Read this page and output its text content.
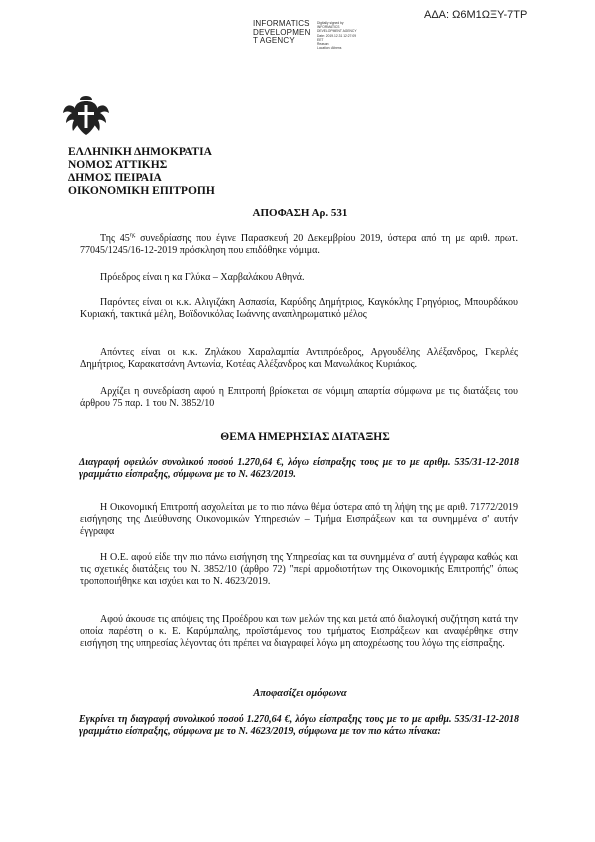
ΑΔΑ: Ω6Μ1ΩΞΥ-7ΤΡ
INFORMATICS
DEVELOPMEN
T AGENCY
Digitally signed by
INFORMATICS
DEVELOPMENT AGENCY
Date: 2019.12.31 12:27:09
EET
Reason:
Location: Athens
ΕΛΛΗΝΙΚΗ ΔΗΜΟΚΡΑΤΙΑ
ΝΟΜΟΣ ΑΤΤΙΚΗΣ
ΔΗΜΟΣ ΠΕΙΡΑΙΑ
ΟΙΚΟΝΟΜΙΚΗ ΕΠΙΤΡΟΠΗ
ΑΠΟΦΑΣΗ Αρ. 531
Της $45^{\eta\varsigma}$ συνεδρίασης που έγινε Παρασκευή 20 Δεκεμβρίου 2019, ύστερα από τη με αριθ. πρωτ. 77045/1245/16-12-2019 πρόσκληση που επιδόθηκε νόμιμα.
Πρόεδρος είναι η κα Γλύκα – Χαρβαλάκου Αθηνά.
Παρόντες είναι οι κ.κ. Αλιγιζάκη Ασπασία, Καρύδης Δημήτριος, Καγκόκλης Γρηγόριος, Μπουρδάκου Κυριακή, τακτικά μέλη, Βοϊδονικόλας Ιωάννης αναπληρωματικό μέλος
Απόντες είναι οι κ.κ. Ζηλάκου Χαραλαμπία Αντιπρόεδρος, Αργουδέλης Αλέξανδρος, Γκερλές Δημήτριος, Καρακατσάνη Αντωνία, Κοτέας Αλέξανδρος και Μανωλάκος Κυριάκος.
Αρχίζει η συνεδρίαση αφού η Επιτροπή βρίσκεται σε νόμιμη απαρτία σύμφωνα με τις διατάξεις του άρθρου 75 παρ. 1 του Ν. 3852/10
ΘΕΜΑ ΗΜΕΡΗΣΙΑΣ ΔΙΑΤΑΞΗΣ
Διαγραφή οφειλών συνολικού ποσού 1.270,64 €, λόγω είσπραξης τους με το με αριθμ. 535/31-12-2018 γραμμάτιο είσπραξης, σύμφωνα με το Ν. 4623/2019.
Η Οικονομική Επιτροπή ασχολείται με το πιο πάνω θέμα ύστερα από τη λήψη της με αριθ. 71772/2019 εισήγησης της Διεύθυνσης Οικονομικών Υπηρεσιών – Τμήμα Εισπράξεων και τα συνημμένα σ' αυτήν έγγραφα
Η Ο.Ε. αφού είδε την πιο πάνω εισήγηση της Υπηρεσίας και τα συνημμένα σ' αυτή έγγραφα καθώς και τις σχετικές διατάξεις του Ν. 3852/10 (άρθρο 72) "περί αρμοδιοτήτων της Οικονομικής Επιτροπής" όπως τροποποιήθηκε και ισχύει και το Ν. 4623/2019.
Αφού άκουσε τις απόψεις της Προέδρου και των μελών της και μετά από διαλογική συζήτηση κατά την οποία παρέστη ο κ. Ε. Καρύμπαλης, προϊστάμενος του τμήματος Εισπράξεων και αναφέρθηκε στην εισήγηση της υπηρεσίας λέγοντας ότι πρέπει να διαγραφεί λόγω μη αποχρέωσης του λόγω της είσπραξης.
Αποφασίζει ομόφωνα
Εγκρίνει τη διαγραφή συνολικού ποσού 1.270,64 €, λόγω είσπραξης τους με το με αριθμ. 535/31-12-2018 γραμμάτιο είσπραξης, σύμφωνα με το Ν. 4623/2019, σύμφωνα με τον πιο κάτω πίνακα:
